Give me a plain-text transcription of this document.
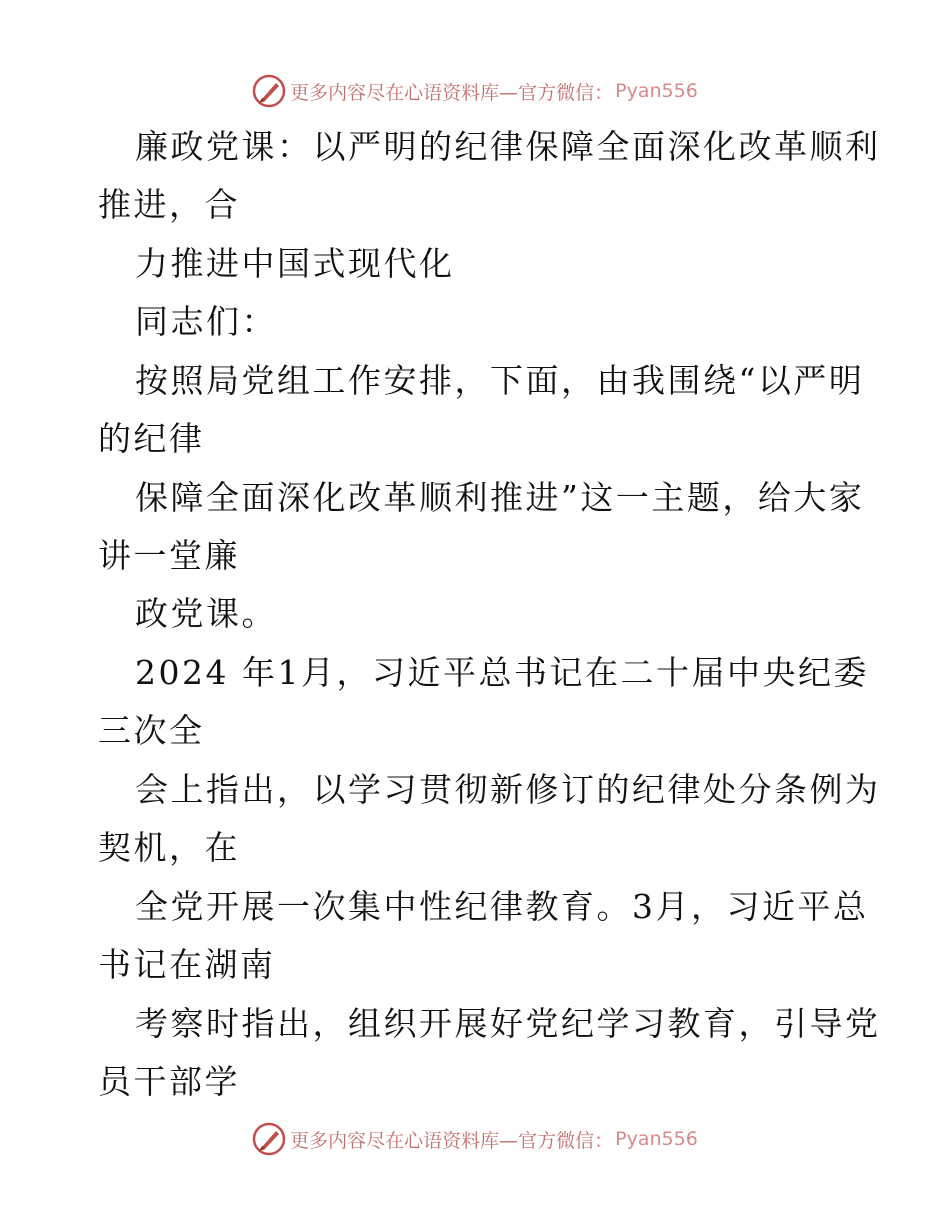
更多内容尽在心语资料库—官方微信： Pyan556
廉政党课：以严明的纪律保障全面深化改革顺利
推进，合
力推进中国式现代化
同志们：
按照局党组工作安排，下面，由我围绕“以严明
的纪律
保障全面深化改革顺利推进”这一主题，给大家
讲一堂廉
政党课。
2024 年1月，习近平总书记在二十届中央纪委
三次全
会上指出，以学习贯彻新修订的纪律处分条例为
契机，在
全党开展一次集中性纪律教育。3月，习近平总
书记在湖南
考察时指出，组织开展好党纪学习教育，引导党
员干部学
更多内容尽在心语资料库—官方微信： Pyan556
